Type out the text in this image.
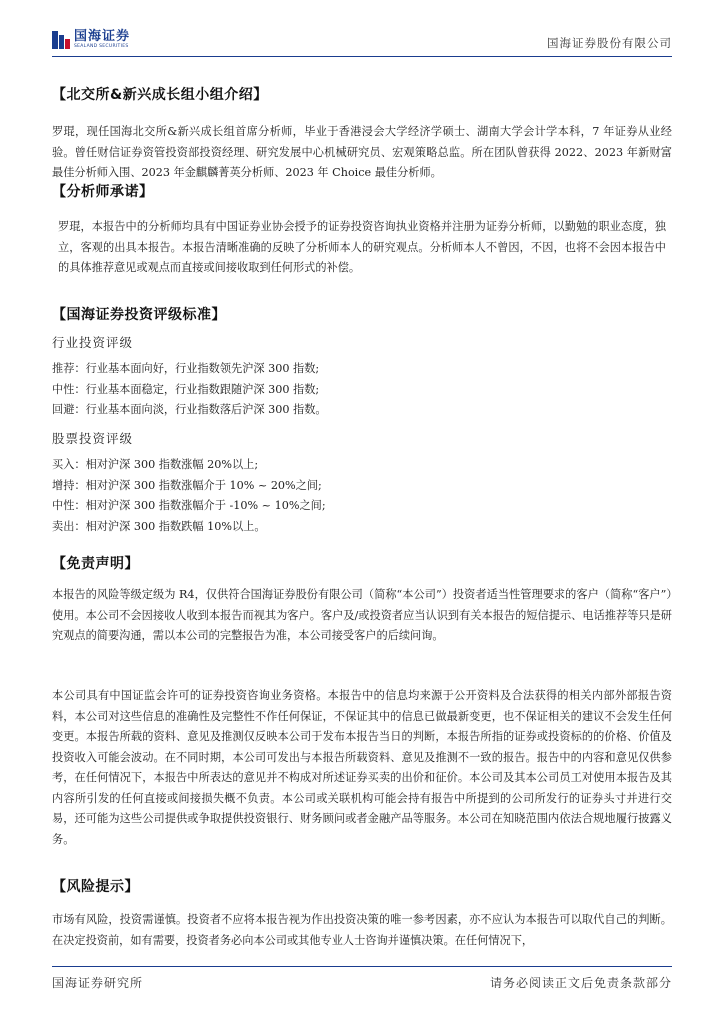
国海证券
SEALAND SECURITIES	国海证券股份有限公司
【北交所&新兴成长组小组介绍】
罗琨，现任国海北交所&新兴成长组首席分析师，毕业于香港浸会大学经济学硕士、湖南大学会计学本科，7 年证券从业经验。曾任财信证券资管投资部投资经理、研究发展中心机械研究员、宏观策略总监。所在团队曾获得 2022、2023 年新财富最佳分析师入围、2023 年金麒麟菁英分析师、2023 年 Choice 最佳分析师。
【分析师承诺】
罗琨，本报告中的分析师均具有中国证券业协会授予的证券投资咨询执业资格并注册为证券分析师，以勤勉的职业态度，独立，客观的出具本报告。本报告清晰准确的反映了分析师本人的研究观点。分析师本人不曾因，不因，也将不会因本报告中的具体推荐意见或观点而直接或间接收取到任何形式的补偿。
【国海证券投资评级标准】
行业投资评级
推荐：行业基本面向好，行业指数领先沪深 300 指数;
中性：行业基本面稳定，行业指数跟随沪深 300 指数;
回避：行业基本面向淡，行业指数落后沪深 300 指数。
股票投资评级
买入：相对沪深 300 指数涨幅 20%以上;
增持：相对沪深 300 指数涨幅介于 10% ~ 20%之间;
中性：相对沪深 300 指数涨幅介于 -10% ~ 10%之间;
卖出：相对沪深 300 指数跌幅 10%以上。
【免责声明】
本报告的风险等级定级为 R4，仅供符合国海证券股份有限公司（简称“本公司”）投资者适当性管理要求的客户（简称“客户”）使用。本公司不会因接收人收到本报告而视其为客户。客户及/或投资者应当认识到有关本报告的短信提示、电话推荐等只是研究观点的简要沟通，需以本公司的完整报告为准，本公司接受客户的后续问询。
本公司具有中国证监会许可的证券投资咨询业务资格。本报告中的信息均来源于公开资料及合法获得的相关内部外部报告资料，本公司对这些信息的准确性及完整性不作任何保证，不保证其中的信息已做最新变更，也不保证相关的建议不会发生任何变更。本报告所载的资料、意见及推测仅反映本公司于发布本报告当日的判断，本报告所指的证券或投资标的的价格、价值及投资收入可能会波动。在不同时期，本公司可发出与本报告所载资料、意见及推测不一致的报告。报告中的内容和意见仅供参考，在任何情况下，本报告中所表达的意见并不构成对所述证券买卖的出价和征价。本公司及其本公司员工对使用本报告及其内容所引发的任何直接或间接损失概不负责。本公司或关联机构可能会持有报告中所提到的公司所发行的证券头寸并进行交易，还可能为这些公司提供或争取提供投资银行、财务顾问或者金融产品等服务。本公司在知晓范围内依法合规地履行披露义务。
【风险提示】
市场有风险，投资需谨慎。投资者不应将本报告视为作出投资决策的唯一参考因素，亦不应认为本报告可以取代自己的判断。在决定投资前，如有需要，投资者务必向本公司或其他专业人士咨询并谨慎决策。在任何情况下，
国海证券研究所	请务必阅读正文后免责条款部分
